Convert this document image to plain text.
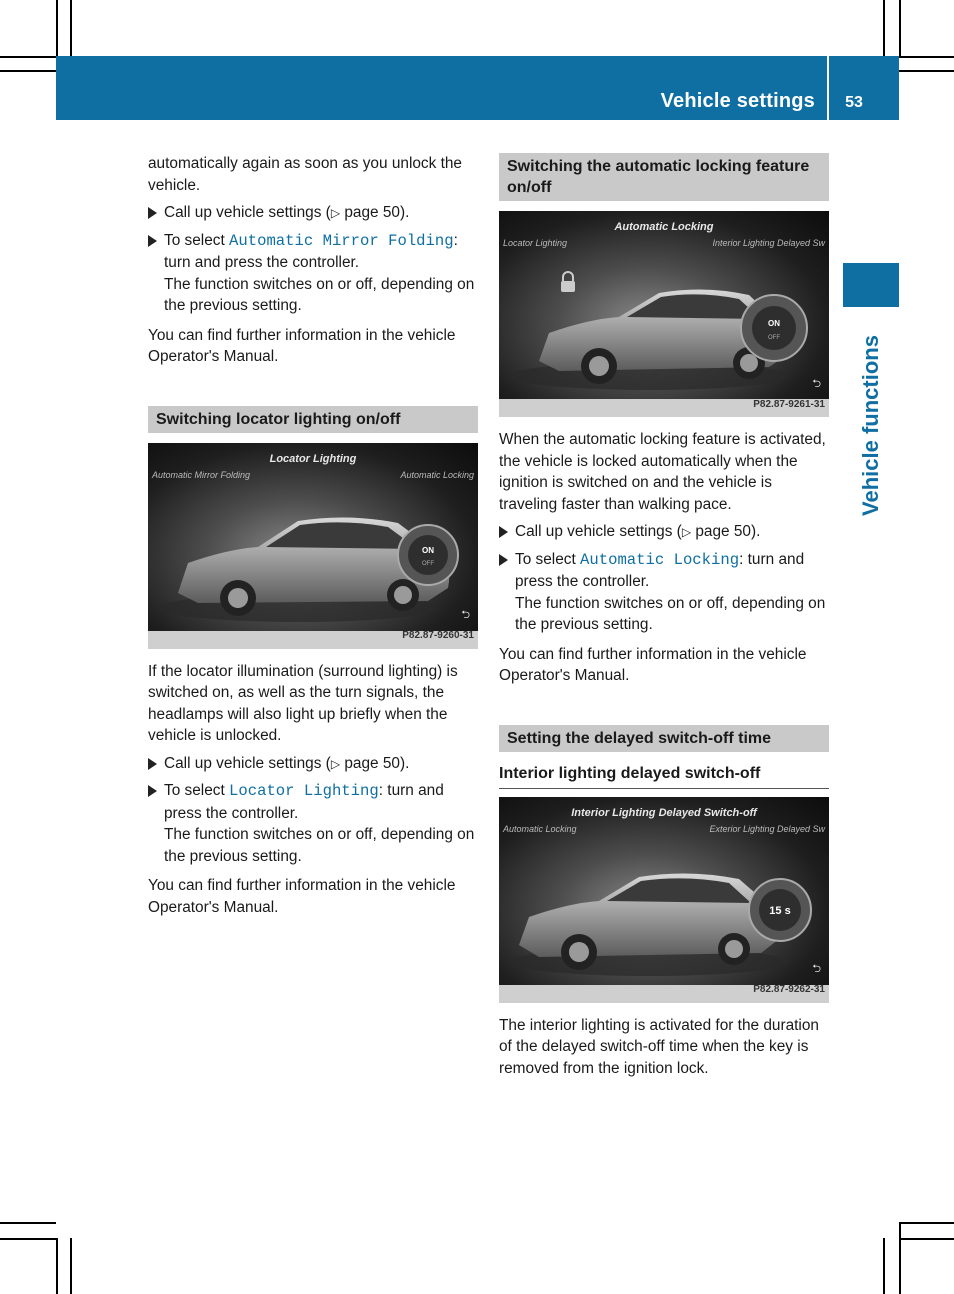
Vehicle settings	53
Vehicle functions

automatically again as soon as you unlock the vehicle.

Call up vehicle settings (▷ page 50).
To select Automatic Mirror Folding: turn and press the controller.
The function switches on or off, depending on the previous setting.

You can find further information in the vehicle Operator's Manual.

Switching locator lighting on/off
Locator Lighting
Automatic Mirror Folding	Automatic Locking
ON
OFF
⮌
P82.87-9260-31

If the locator illumination (surround lighting) is switched on, as well as the turn signals, the headlamps will also light up briefly when the vehicle is unlocked.

Call up vehicle settings (▷ page 50).
To select Locator Lighting: turn and press the controller.
The function switches on or off, depending on the previous setting.

You can find further information in the vehicle Operator's Manual.

Switching the automatic locking feature on/off
Automatic Locking
Locator Lighting	Interior Lighting Delayed Sw
ON
OFF
⮌
P82.87-9261-31

When the automatic locking feature is activated, the vehicle is locked automatically when the ignition is switched on and the vehicle is traveling faster than walking pace.

Call up vehicle settings (▷ page 50).
To select Automatic Locking: turn and press the controller.
The function switches on or off, depending on the previous setting.

You can find further information in the vehicle Operator's Manual.

Setting the delayed switch-off time
Interior lighting delayed switch-off
Interior Lighting Delayed Switch-off
Automatic Locking	Exterior Lighting Delayed Sw
15 s
⮌
P82.87-9262-31

The interior lighting is activated for the duration of the delayed switch-off time when the key is removed from the ignition lock.
